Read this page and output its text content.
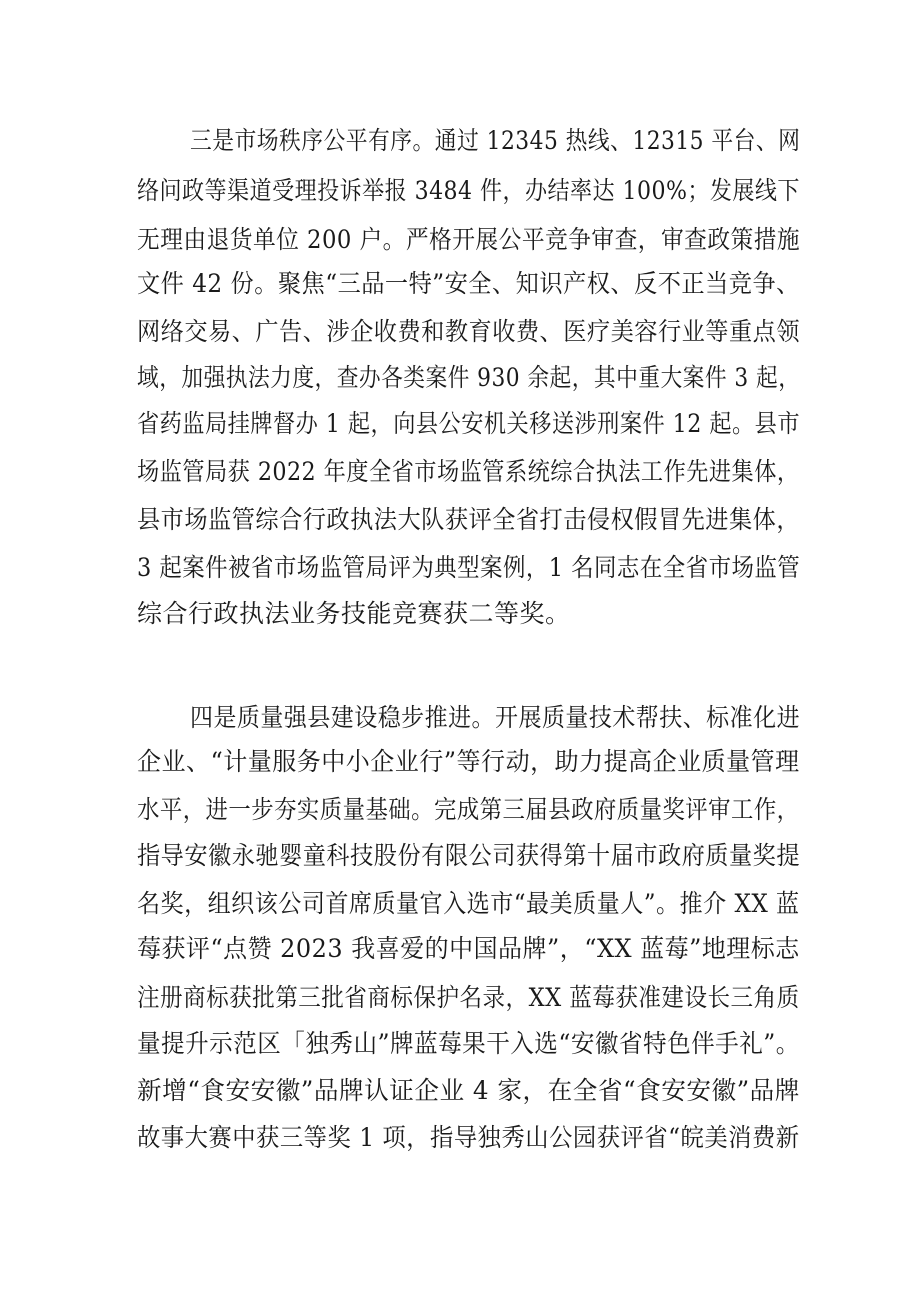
三是市场秩序公平有序。通过 12345 热线、12315 平台、网
络问政等渠道受理投诉举报 3484 件，办结率达 100%；发展线下
无理由退货单位 200 户。严格开展公平竞争审查，审查政策措施
文件 42 份。聚焦“三品一特”安全、知识产权、反不正当竞争、
网络交易、广告、涉企收费和教育收费、医疗美容行业等重点领
域，加强执法力度，查办各类案件 930 余起，其中重大案件 3 起，
省药监局挂牌督办 1 起，向县公安机关移送涉刑案件 12 起。县市
场监管局获 2022 年度全省市场监管系统综合执法工作先进集体，
县市场监管综合行政执法大队获评全省打击侵权假冒先进集体，
3 起案件被省市场监管局评为典型案例，1 名同志在全省市场监管
综合行政执法业务技能竞赛获二等奖。
四是质量强县建设稳步推进。开展质量技术帮扶、标准化进
企业、“计量服务中小企业行”等行动，助力提高企业质量管理
水平，进一步夯实质量基础。完成第三届县政府质量奖评审工作，
指导安徽永驰婴童科技股份有限公司获得第十届市政府质量奖提
名奖，组织该公司首席质量官入选市“最美质量人”。推介 XX 蓝
莓获评“点赞 2023 我喜爱的中国品牌”，“XX 蓝莓”地理标志
注册商标获批第三批省商标保护名录，XX 蓝莓获准建设长三角质
量提升示范区「独秀山”牌蓝莓果干入选“安徽省特色伴手礼”。
新增“食安安徽”品牌认证企业 4 家，在全省“食安安徽”品牌
故事大赛中获三等奖 1 项，指导独秀山公园获评省“皖美消费新
